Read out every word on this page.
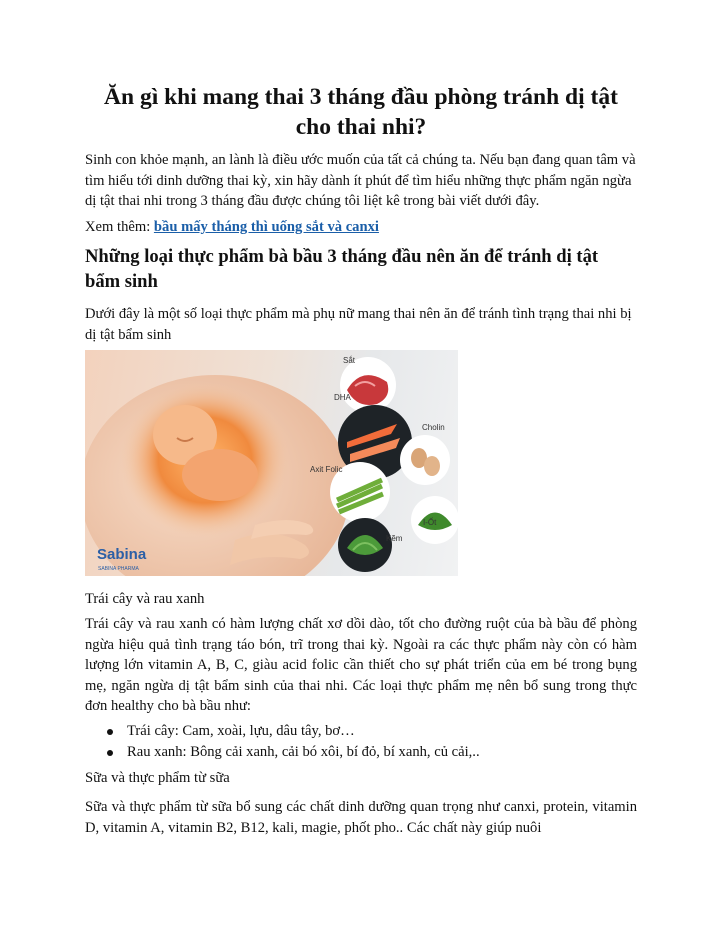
Ăn gì khi mang thai 3 tháng đầu phòng tránh dị tật cho thai nhi?

Sinh con khỏe mạnh, an lành là điều ước muốn của tất cả chúng ta. Nếu bạn đang quan tâm và tìm hiểu tới dinh dưỡng thai kỳ, xin hãy dành ít phút để tìm hiểu những thực phẩm ngăn ngừa dị tật thai nhi trong 3 tháng đầu được chúng tôi liệt kê trong bài viết dưới đây.

Xem thêm: bầu mấy tháng thì uống sắt và canxi

Những loại thực phẩm bà bầu 3 tháng đầu nên ăn để tránh dị tật bẩm sinh

Dưới đây là một số loại thực phẩm mà phụ nữ mang thai nên ăn để tránh tình trạng thai nhi bị dị tật bẩm sinh

Sắt
DHA
Cholin
Axit Folic
I-Ốt
Kẽm
Sabina
SABINA PHARMA

Trái cây và rau xanh

Trái cây và rau xanh có hàm lượng chất xơ dồi dào, tốt cho đường ruột của bà bầu để phòng ngừa hiệu quả tình trạng táo bón, trĩ trong thai kỳ. Ngoài ra các thực phẩm này còn có hàm lượng lớn vitamin A, B, C, giàu acid folic cần thiết cho sự phát triển của em bé trong bụng mẹ, ngăn ngừa dị tật bẩm sinh của thai nhi. Các loại thực phẩm mẹ nên bổ sung trong thực đơn healthy cho bà bầu như:

Trái cây: Cam, xoài, lựu, dâu tây, bơ…
Rau xanh: Bông cải xanh, cải bó xôi, bí đỏ, bí xanh, củ cải,..

Sữa và thực phẩm từ sữa

Sữa và thực phẩm từ sữa bổ sung các chất dinh dưỡng quan trọng như canxi, protein, vitamin D, vitamin A, vitamin B2, B12, kali, magie, phốt pho.. Các chất này giúp nuôi
